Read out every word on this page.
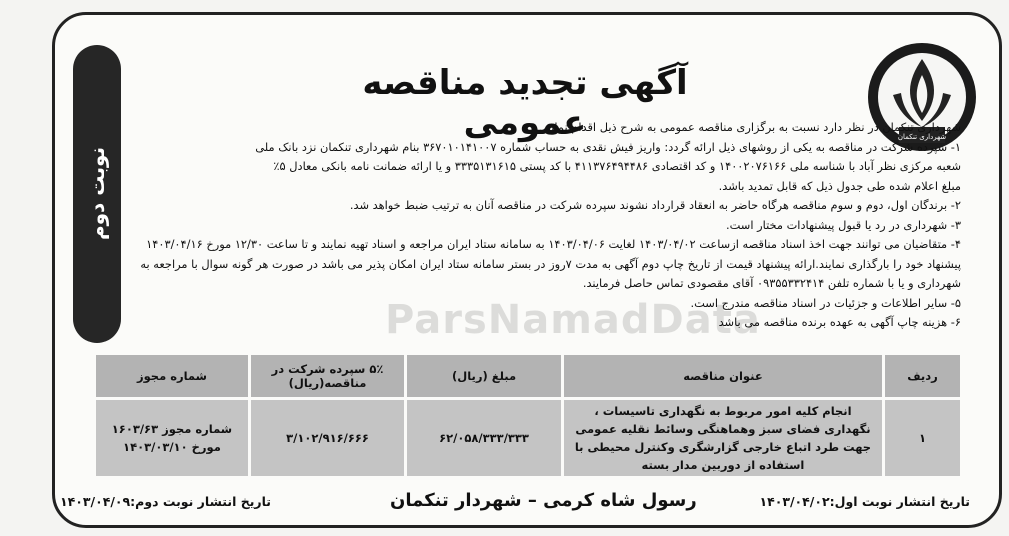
نوبت دوم
شهرداری تنکمان
آگهی تجدید مناقصه عمومی
ParsNamadData

شهرداری تنکمان در نظر دارد نسبت به برگزاری مناقصه عمومی به شرح ذیل اقدام نماید.

۱- سپرده شرکت در مناقصه به یکی از روشهای ذیل ارائه گردد: واریز فیش نقدی به حساب شماره ۳۶۷۰۱۰۱۴۱۰۰۷ بنام شهرداری تنکمان نزد بانک ملی

شعبه مرکزی نظر آباد با شناسه ملی ۱۴۰۰۲۰۷۶۱۶۶ و کد اقتصادی ۴۱۱۳۷۶۴۹۴۴۸۶ با کد پستی ۳۳۳۵۱۳۱۶۱۵ و یا ارائه ضمانت نامه بانکی معادل ۵٪

مبلغ اعلام شده طی جدول ذیل که قابل تمدید باشد.

۲- برندگان اول، دوم و سوم مناقصه هرگاه حاضر به انعقاد قرارداد نشوند سپرده شرکت در مناقصه آنان به ترتیب ضبط خواهد شد.

۳- شهرداری در رد یا قبول پیشنهادات مختار است.

۴- متقاضیان می توانند جهت اخذ اسناد مناقصه ازساعت ۱۴۰۳/۰۴/۰۲ لغایت ۱۴۰۳/۰۴/۰۶ به سامانه ستاد ایران مراجعه و اسناد تهیه نمایند و تا ساعت ۱۲/۳۰ مورخ ۱۴۰۳/۰۴/۱۶

پیشنهاد خود را بارگذاری نمایند.ارائه پیشنهاد قیمت از تاریخ چاپ دوم آگهی به مدت ۷روز در بستر سامانه ستاد ایران امکان پذیر می باشد در صورت هر گونه سوال با مراجعه به

شهرداری و یا با شماره تلفن ۰۹۳۵۵۳۳۲۴۱۴ آقای مقصودی تماس حاصل فرمایند.

۵- سایر اطلاعات و جزئیات در اسناد مناقصه مندرج است.

۶- هزینه چاپ آگهی به عهده برنده مناقصه می باشد

ردیف	عنوان مناقصه	مبلغ (ریال)	۵٪ سپرده شرکت در مناقصه(ریال)	شماره مجوز
۱	انجام کلیه امور مربوط به نگهداری تاسیسات ، نگهداری فضای سبز وهماهنگی وسائط نقلیه عمومی جهت طرد اتباع خارجی گزارشگری وکنترل محیطی با استفاده از دوربین مدار بسته	۶۲/۰۵۸/۳۳۳/۳۳۳	۳/۱۰۲/۹۱۶/۶۶۶	شماره مجوز ۱۶۰۳/۶۳ مورخ ۱۴۰۳/۰۳/۱۰
تاریخ انتشار نوبت اول:۱۴۰۳/۰۴/۰۲
رسول شاه کرمی – شهردار تنکمان
تاریخ انتشار نوبت دوم:۱۴۰۳/۰۴/۰۹
